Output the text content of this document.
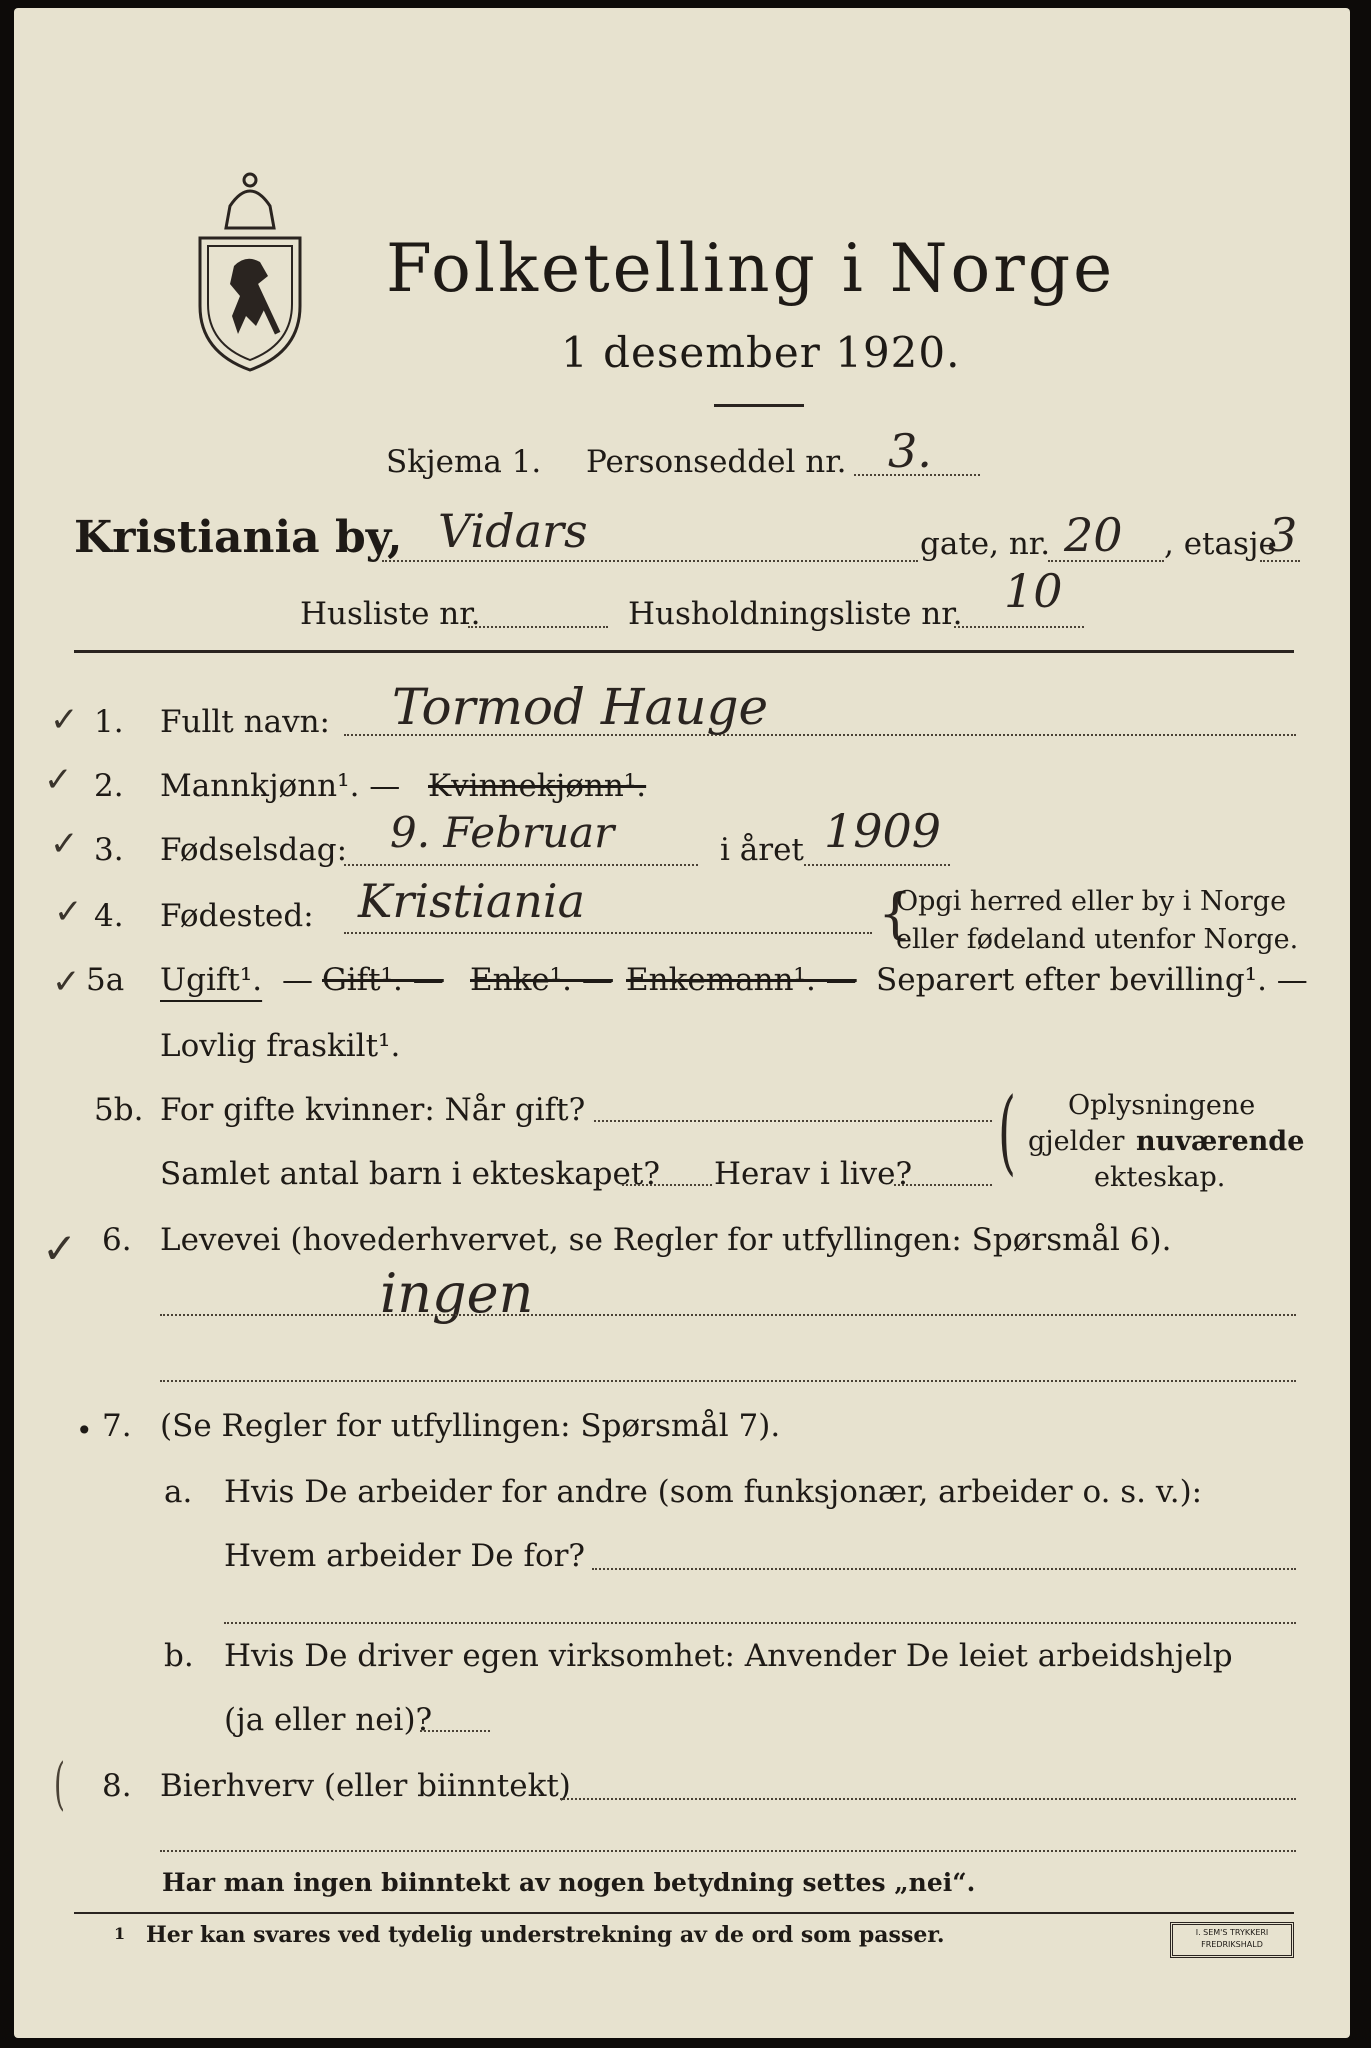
Folketelling i Norge
1 desember 1920.
Skjema 1. Personseddel nr. 3.
Kristiania by, Vidars	gate, nr. 20 , etasje
3
Husliste nr.	Husholdningsliste nr. 10
✓
✓
✓
✓
✓
✓
1. Fullt navn: Tormod Hauge
2. Mannkjønn¹. — Kvinnekjønn¹.
3. Fødselsdag: 9. Februar	i året 1909
4. Fødested: Kristiania	{
Opgi herred eller by i Norge
eller fødeland utenfor Norge.
5a Ugift¹. — Gift¹. — Enke¹. — Enkemann¹. — Separert efter bevilling¹. —
Lovlig fraskilt¹.
5b. For gifte kvinner: Når gift?
Samlet antal barn i ekteskapet? Herav i live? ( Oplysningene
gjelder nuværende
ekteskap.
6. Levevei (hovederhvervet, se Regler for utfyllingen: Spørsmål 6).
ingen
• 7. (Se Regler for utfyllingen: Spørsmål 7).
a. Hvis De arbeider for andre (som funksjonær, arbeider o. s. v.):
Hvem arbeider De for?
b. Hvis De driver egen virksomhet: Anvender De leiet arbeidshjelp
(ja eller nei)?
( 8. Bierhverv (eller biinntekt)
Har man ingen biinntekt av nogen betydning settes „nei“.
1 Her kan svares ved tydelig understrekning av de ord som passer.	I. SEM'S TRYKKERI
FREDRIKSHALD
